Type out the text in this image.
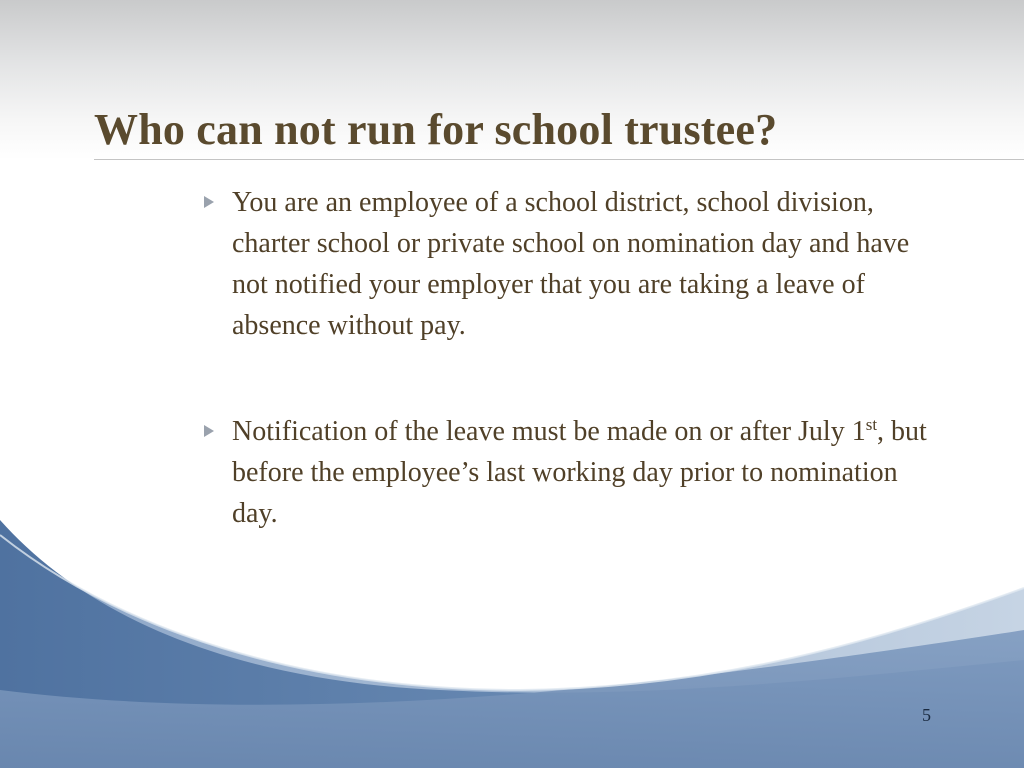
Who can not run for school trustee?
You are an employee of a school district, school division, charter school or private school on nomination day and have not notified your employer that you are taking a leave of absence without pay.
Notification of the leave must be made on or after July 1st, but before the employee’s last working day prior to nomination day.
5
